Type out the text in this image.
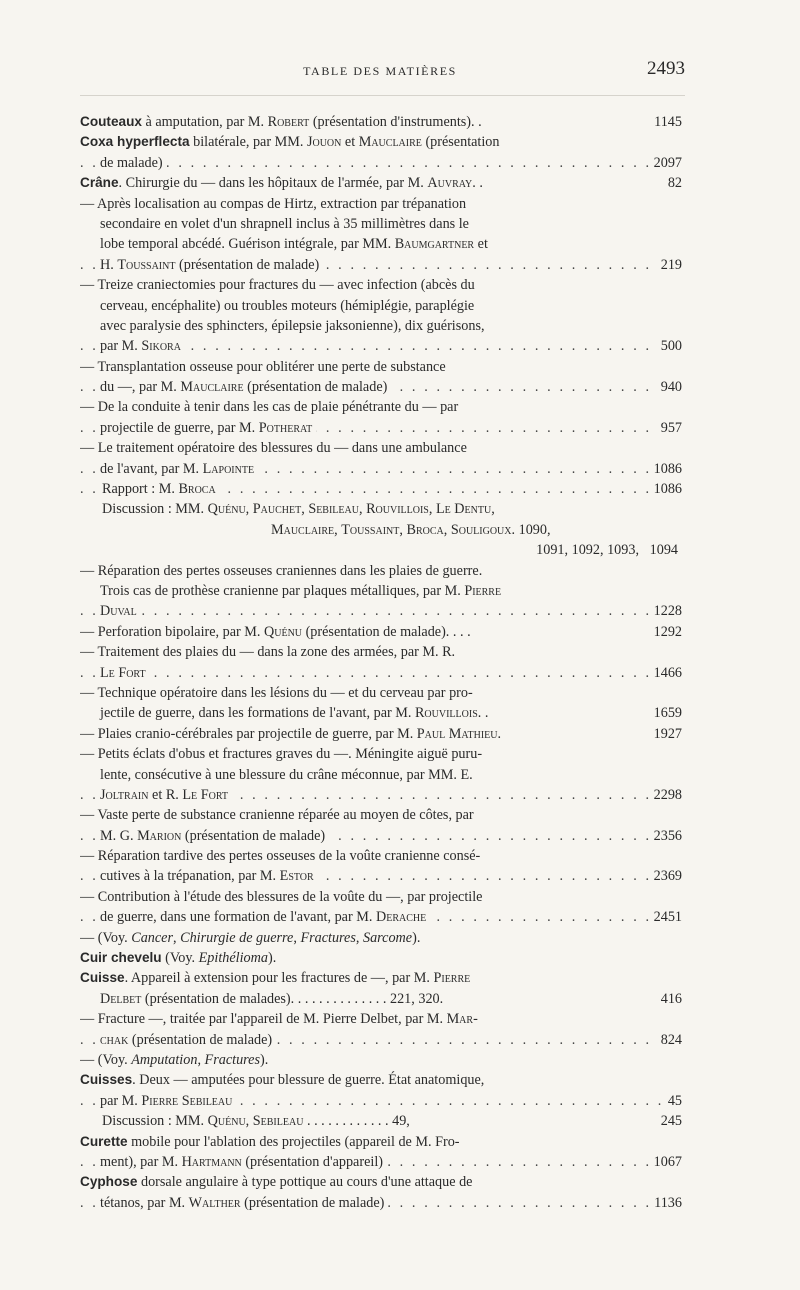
TABLE DES MATIÈRES	2493
Couteaux à amputation, par M. Robert (présentation d'instruments). .	1145
Coxa hyperflecta bilatérale, par MM. Jouon et Mauclaire (présentation
de malade)	2097
. . .
Crâne. Chirurgie du — dans les hôpitaux de l'armée, par M. Auvray. .	82
— Après localisation au compas de Hirtz, extraction par trépanation
secondaire en volet d'un shrapnell inclus à 35 millimètres dans le
lobe temporal abcédé. Guérison intégrale, par MM. Baumgartner et
H. Toussaint (présentation de malade)	219
. . .
— Treize craniectomies pour fractures du — avec infection (abcès du
cerveau, encéphalite) ou troubles moteurs (hémiplégie, paraplégie
avec paralysie des sphincters, épilepsie jaksonienne), dix guérisons,
par M. Sikora	500
. . .
— Transplantation osseuse pour oblitérer une perte de substance
du —, par M. Mauclaire (présentation de malade)	940
. . .
— De la conduite à tenir dans les cas de plaie pénétrante du — par
projectile de guerre, par M. Potherat	957
. . .
— Le traitement opératoire des blessures du — dans une ambulance
de l'avant, par M. Lapointe	1086
. . .
Rapport : M. Broca	1086
. . .
Discussion : MM. Quénu, Pauchet, Sebileau, Rouvillois, Le Dentu,
Mauclaire, Toussaint, Broca, Souligoux. 1090,
1091, 1092, 1093,   1094
— Réparation des pertes osseuses craniennes dans les plaies de guerre.
Trois cas de prothèse cranienne par plaques métalliques, par M. Pierre
Duval	1228
. . .
— Perforation bipolaire, par M. Quénu (présentation de malade). . . .	1292
— Traitement des plaies du — dans la zone des armées, par M. R.
Le Fort	1466
. . .
— Technique opératoire dans les lésions du — et du cerveau par pro-
jectile de guerre, dans les formations de l'avant, par M. Rouvillois. .	1659
— Plaies cranio-cérébrales par projectile de guerre, par M. Paul Mathieu.	1927
— Petits éclats d'obus et fractures graves du —. Méningite aiguë puru-
lente, consécutive à une blessure du crâne méconnue, par MM. E.
Joltrain et R. Le Fort	2298
. . .
— Vaste perte de substance cranienne réparée au moyen de côtes, par
M. G. Marion (présentation de malade)	2356
. . .
— Réparation tardive des pertes osseuses de la voûte cranienne consé-
cutives à la trépanation, par M. Estor	2369
. . .
— Contribution à l'étude des blessures de la voûte du —, par projectile
de guerre, dans une formation de l'avant, par M. Derache	2451
. . .
— (Voy. Cancer, Chirurgie de guerre, Fractures, Sarcome).
Cuir chevelu (Voy. Epithélioma).
Cuisse. Appareil à extension pour les fractures de —, par M. Pierre
Delbet (présentation de malades). . . . . . . . . . . . . . 221, 320.	416
— Fracture —, traitée par l'appareil de M. Pierre Delbet, par M. Mar-
chak (présentation de malade)	824
. . .
— (Voy. Amputation, Fractures).
Cuisses. Deux — amputées pour blessure de guerre. État anatomique,
par M. Pierre Sebileau	45
. . .
Discussion : MM. Quénu, Sebileau . . . . . . . . . . . . 49,	245
Curette mobile pour l'ablation des projectiles (appareil de M. Fro-
ment), par M. Hartmann (présentation d'appareil)	1067
. . .
Cyphose dorsale angulaire à type pottique au cours d'une attaque de
tétanos, par M. Walther (présentation de malade)	1136
. . .
